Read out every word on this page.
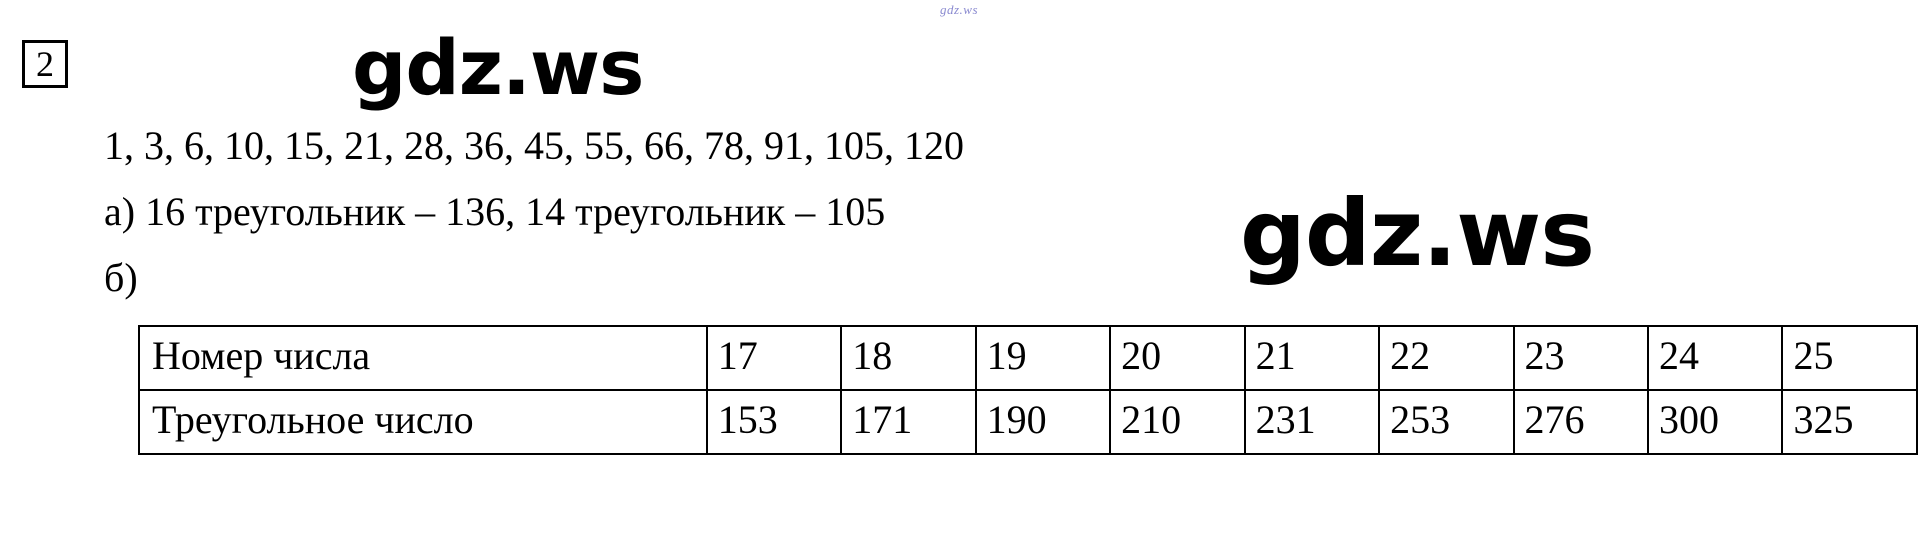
gdz.ws
2	gdz.ws
gdz.ws
1, 3, 6, 10, 15, 21, 28, 36, 45, 55, 66, 78, 91, 105, 120
а) 16 треугольник – 136, 14 треугольник – 105
б)
Номер числа	17	18	19	20	21	22	23	24	25
Треугольное число	153	171	190	210	231	253	276	300	325
